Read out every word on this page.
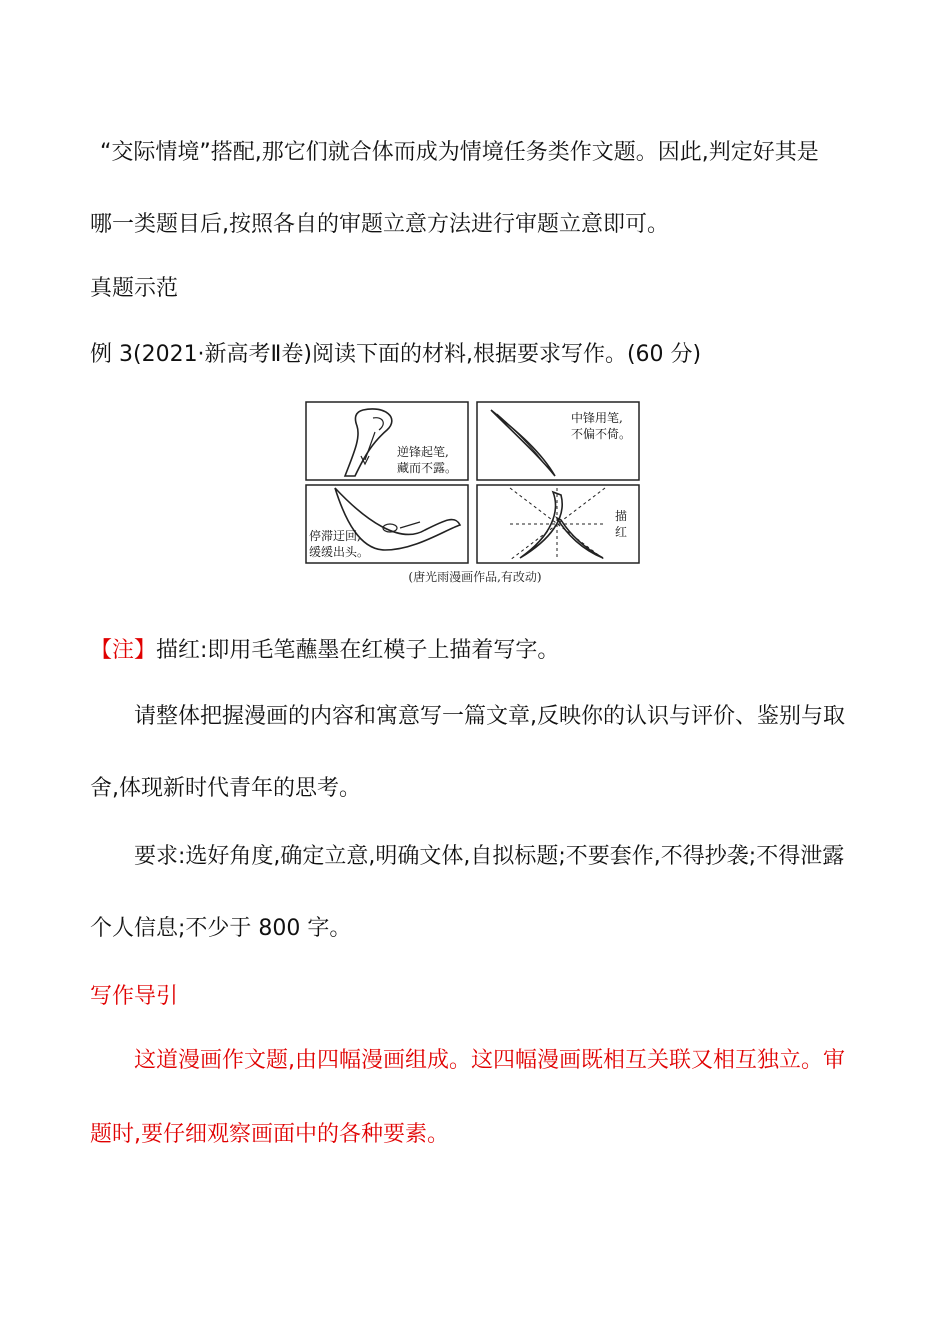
“交际情境”搭配,那它们就合体而成为情境任务类作文题。因此,判定好其是
哪一类题目后,按照各自的审题立意方法进行审题立意即可。
真题示范
例 3(2021·新高考Ⅱ卷)阅读下面的材料,根据要求写作。(60 分)
逆锋起笔,
藏而不露。
中锋用笔,
不偏不倚。
停滞迂回,
缓缓出头。
描
红
(唐光雨漫画作品,有改动)
【注】描红:即用毛笔蘸墨在红模子上描着写字。
请整体把握漫画的内容和寓意写一篇文章,反映你的认识与评价、鉴别与取
舍,体现新时代青年的思考。
要求:选好角度,确定立意,明确文体,自拟标题;不要套作,不得抄袭;不得泄露
个人信息;不少于 800 字。
写作导引
这道漫画作文题,由四幅漫画组成。这四幅漫画既相互关联又相互独立。审
题时,要仔细观察画面中的各种要素。
